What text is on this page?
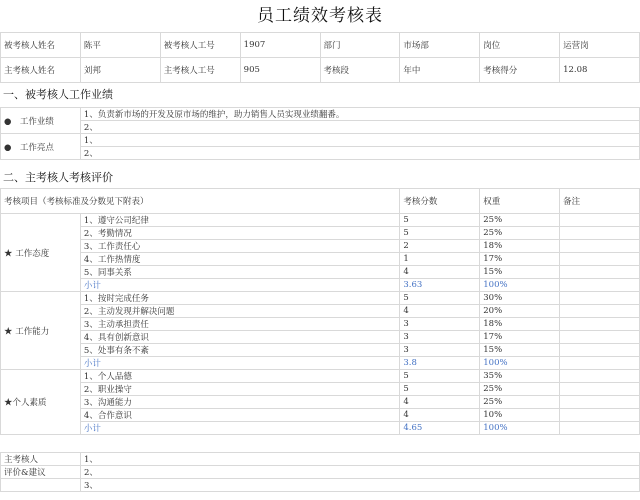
员工绩效考核表
被考核人姓名	陈平	被考核人工号	1907	部门	市场部	岗位	运营岗
主考核人姓名	刘邦	主考核人工号	905	考核段	年中	考核得分	12.08
一、被考核人工作业绩
●　工作业绩	1、负责新市场的开发及原市场的维护，助力销售人员实现业绩翻番。
	2、
●　工作亮点	1、
	2、
二、主考核人考核评价
考核项目（考核标准及分数见下附表）		考核分数	权重	备注
★ 工作态度	1、遵守公司纪律	5	25%	
	2、考勤情况	5	25%	
	3、工作责任心	2	18%	
	4、工作热情度	1	17%	
	5、同事关系	4	15%	
	小计	3.63	100%	
★ 工作能力	1、按时完成任务	5	30%	
	2、主动发现并解决问题	4	20%	
	3、主动承担责任	3	18%	
	4、具有创新意识	3	17%	
	5、处事有条不紊	3	15%	
	小计	3.8	100%	
★个人素质	1、个人品德	5	35%	
	2、职业操守	5	25%	
	3、沟通能力	4	25%	
	4、合作意识	4	10%	
	小计	4.65	100%	
主考核人	1、
评价&建议	2、
	3、
